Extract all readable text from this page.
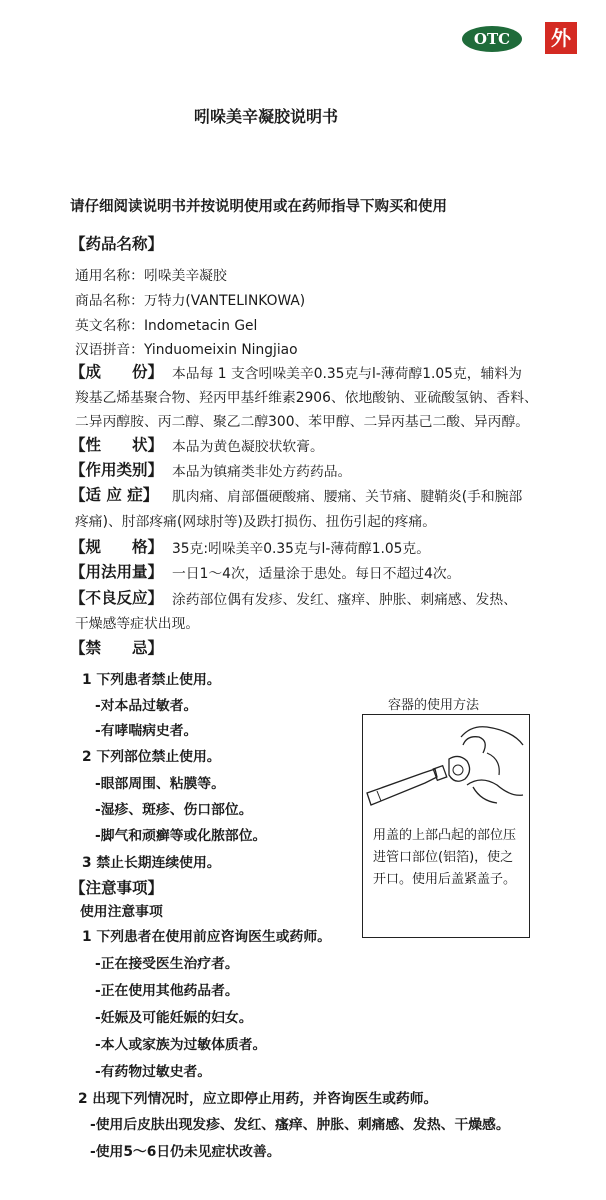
OTC	外
吲哚美辛凝胶说明书
请仔细阅读说明书并按说明使用或在药师指导下购买和使用
【药品名称】
通用名称：吲哚美辛凝胶
商品名称：万特力(VANTELINKOWA)
英文名称：Indometacin Gel
汉语拼音：Yinduomeixin Ningjiao
【成　　份】 本品每 1 支含吲哚美辛0.35克与l-薄荷醇1.05克，辅料为
羧基乙烯基聚合物、羟丙甲基纤维素2906、依地酸钠、亚硫酸氢钠、香料、
二异丙醇胺、丙二醇、聚乙二醇300、苯甲醇、二异丙基己二酸、异丙醇。
【性　　状】 本品为黄色凝胶状软膏。
【作用类别】 本品为镇痛类非处方药药品。
【适 应 症】 肌肉痛、肩部僵硬酸痛、腰痛、关节痛、腱鞘炎(手和腕部
疼痛)、肘部疼痛(网球肘等)及跌打损伤、扭伤引起的疼痛。
【规　　格】 35克:吲哚美辛0.35克与l-薄荷醇1.05克。
【用法用量】 一日1～4次，适量涂于患处。每日不超过4次。
【不良反应】 涂药部位偶有发疹、发红、瘙痒、肿胀、刺痛感、发热、
干燥感等症状出现。
【禁　　忌】
1 下列患者禁止使用。
-对本品过敏者。
-有哮喘病史者。
2 下列部位禁止使用。
-眼部周围、粘膜等。
-湿疹、斑疹、伤口部位。
-脚气和顽癣等或化脓部位。
3 禁止长期连续使用。
【注意事项】
使用注意事项
1 下列患者在使用前应咨询医生或药师。
-正在接受医生治疗者。
-正在使用其他药品者。
-妊娠及可能妊娠的妇女。
-本人或家族为过敏体质者。
-有药物过敏史者。
2 出现下列情况时，应立即停止用药，并咨询医生或药师。
-使用后皮肤出现发疹、发红、瘙痒、肿胀、刺痛感、发热、干燥感。
-使用5～6日仍未见症状改善。
容器的使用方法
用盖的上部凸起的部位压进管口部位(铝箔)，使之开口。使用后盖紧盖子。
